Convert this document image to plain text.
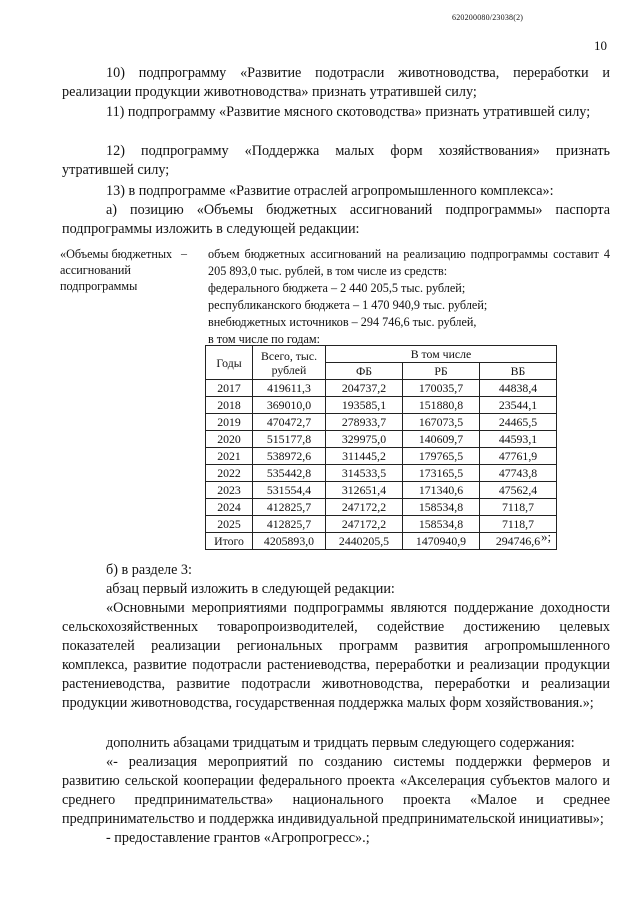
620200080/23038(2)
10
10) подпрограмму «Развитие подотрасли животноводства, переработки и реализации продукции животноводства» признать утратившей силу;
11) подпрограмму «Развитие мясного скотоводства» признать утратившей силу;
12) подпрограмму «Поддержка малых форм хозяйствования» признать утратившей силу;
13) в подпрограмме «Развитие отраслей агропромышленного комплекса»:
а) позицию «Объемы бюджетных ассигнований подпрограммы» паспорта подпрограммы изложить в следующей редакции:
«Объемы бюджетных ассигнований подпрограммы
– объем бюджетных ассигнований на реализацию подпрограммы составит 4 205 893,0 тыс. рублей, в том числе из средств:
федерального бюджета – 2 440 205,5 тыс. рублей;
республиканского бюджета – 1 470 940,9 тыс. рублей;
внебюджетных источников – 294 746,6 тыс. рублей,
в том числе по годам:
Годы	Всего, тыс. рублей	В том числе		
		ФБ	РБ	ВБ
2017	419611,3	204737,2	170035,7	44838,4
2018	369010,0	193585,1	151880,8	23544,1
2019	470472,7	278933,7	167073,5	24465,5
2020	515177,8	329975,0	140609,7	44593,1
2021	538972,6	311445,2	179765,5	47761,9
2022	535442,8	314533,5	173165,5	47743,8
2023	531554,4	312651,4	171340,6	47562,4
2024	412825,7	247172,2	158534,8	7118,7
2025	412825,7	247172,2	158534,8	7118,7
Итого	4205893,0	2440205,5	1470940,9	294746,6 »;
б) в разделе 3:
абзац первый изложить в следующей редакции:
«Основными мероприятиями подпрограммы являются поддержание доходности сельскохозяйственных товаропроизводителей, содействие достижению целевых показателей реализации региональных программ развития агропромышленного комплекса, развитие подотрасли растениеводства, переработки и реализации продукции растениеводства, развитие подотрасли животноводства, переработки и реализации продукции животноводства, государственная поддержка малых форм хозяйствования.»;
дополнить абзацами тридцатым и тридцать первым следующего содержания:
«- реализация мероприятий по созданию системы поддержки фермеров и развитию сельской кооперации федерального проекта «Акселерация субъектов малого и среднего предпринимательства» национального проекта «Малое и среднее предпринимательство и поддержка индивидуальной предпринимательской инициативы»;
- предоставление грантов «Агропрогресс».;
